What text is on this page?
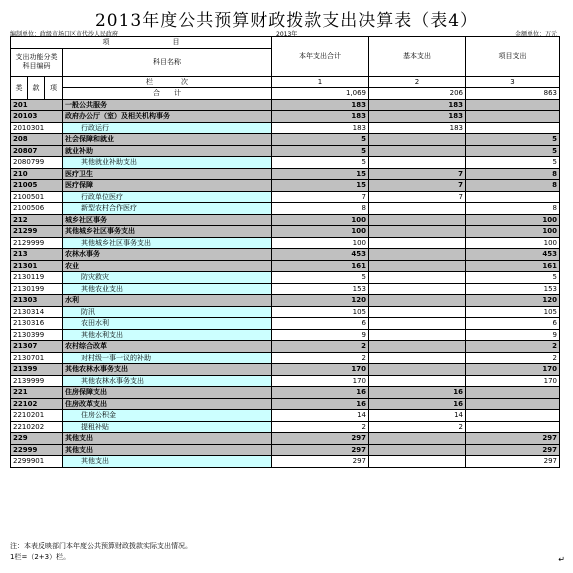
2013年度公共预算财政拨款支出决算表（表4）
编制单位：政级市场口区市代沙人民政府	2013年	金额单位：万元
项　　　　　　　　　目				本年支出合计	基本支出	项目支出
支出功能分类科目编码			科目名称			

类	款	项	栏　　　　次	1	2	3
			合　　计	1,069	206	863
201			一般公共服务	183	183	
20103			政府办公厅（室）及相关机构事务	183	183	
2010301			行政运行	183	183	
208			社会保障和就业	5		5
20807			就业补助	5		5
2080799			其他就业补助支出	5		5
210			医疗卫生	15	7	8
21005			医疗保障	15	7	8
2100501			行政单位医疗	7	7	
2100506			新型农村合作医疗	8		8
212			城乡社区事务	100		100
21299			其他城乡社区事务支出	100		100
2129999			其他城乡社区事务支出	100		100
213			农林水事务	453		453
21301			农业	161		161
2130119			防灾救灾	5		5
2130199			其他农业支出	153		153
21303			水利	120		120
2130314			防汛	105		105
2130316			农田水利	6		6
2130399			其他水利支出	9		9
21307			农村综合改革	2		2
2130701			对村级一事一议的补助	2		2
21399			其他农林水事务支出	170		170
2139999			其他农林水事务支出	170		170
221			住房保障支出	16	16	
22102			住房改革支出	16	16	
2210201			住房公积金	14	14	
2210202			提租补贴	2	2	
229			其他支出	297		297
22999			其他支出	297		297
2299901			其他支出	297		297
注：本表反映部门本年度公共预算财政拨款实际支出情况。
1栏=（2+3）栏。	↵
